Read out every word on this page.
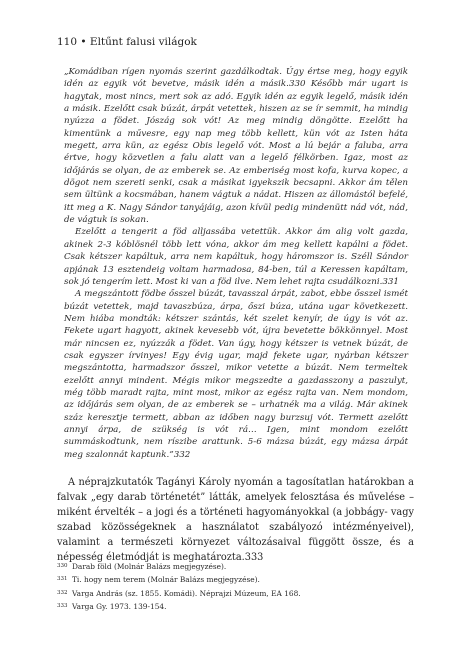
110 • Eltűnt falusi világok

„Komádiban rígen nyomás szerint gazdálkodtak. Úgy értse meg, hogy egyik idén az egyik vót bevetve, másik idén a másik.330 Később már ugart is hagytak, most nincs, mert sok az adó. Egyik idén az egyik legelő, másik idén a másik. Ezelőtt csak búzát, árpát vetettek, hiszen az se ír semmit, ha mindig nyúzza a födet. Jószág sok vót! Az meg mindig döngötte. Ezelőtt ha kimentünk a művesre, egy nap meg több kellett, kün vót az Isten háta megett, arra kün, az egész Obis legelő vót. Most a lú bejár a faluba, arra értve, hogy közvetlen a falu alatt van a legelő félkörben. Igaz, most az időjárás se olyan, de az emberek se. Az emberiség most kofa, kurva kopec, a dögot nem szereti senki, csak a másikat igyekszik becsapni. Akkor ám tělen sem ültünk a kocsmában, hanem vágtuk a nádat. Hiszen az állomástól befelé, itt meg a K. Nagy Sándor tanyájáig, azon kívül pedig mindenütt nád vót, nád, de vágtuk is sokan.

Ezelőtt a tengerit a föd alljassába vetettük. Akkor ám alig volt gazda, akinek 2-3 kóblösnél több lett vóna, akkor ám meg kellett kapálni a födet. Csak kétszer kapáltuk, arra nem kapáltuk, hogy háromszor is. Széll Sándor apjának 13 esztendeig voltam harmadosa, 84-ben, túl a Keressen kapáltam, sok jó tengerím lett. Most ki van a föd ilve. Nem lehet rajta csudálkozni.331

A megszántott födbe ősszel búzát, tavasszal árpát, zabot, ebbe ősszel ismét búzát vetettek, majd tavaszbúza, árpa, őszi búza, utána ugar következett. Nem hiába mondták: kétszer szántás, két szelet kenyír, de úgy is vót az. Fekete ugart hagyott, akinek kevesebb vót, újra bevetette bökkönnyel. Most már nincsen ez, nyúzzák a födet. Van úgy, hogy kétszer is vetnek búzát, de csak egyszer írvinyes! Egy évig ugar, majd fekete ugar, nyárban kétszer megszántotta, harmadszor ősszel, mikor vetette a búzát. Nem termeltek ezelőtt annyi mindent. Mégis mikor megszedte a gazdasszony a paszulyt, még több maradt rajta, mint most, mikor az egész rajta van. Nem mondom, az időjárás sem olyan, de az emberek se – urhatnék ma a világ. Már akinek száz keresztje termett, abban az időben nagy burzsuj vót. Termett azelőtt annyi árpa, de szükség is vót rá… Igen, mint mondom ezelőtt summáskodtunk, nem ríszibe arattunk. 5-6 mázsa búzát, egy mázsa árpát meg szalonnát kaptunk.”332

A néprajzkutatók Tagányi Károly nyomán a tagosítatlan határokban a falvak „egy darab történetét” látták, amelyek felosztása és művelése – miként érvelték – a jogi és a történeti hagyományokkal (a jobbágy- vagy szabad közösségeknek a használatot szabályozó intézményeivel), valamint a természeti környezet változásaival függött össze, és a népesség életmódját is meghatározta.333

330 Darab föld (Molnár Balázs megjegyzése).
331 Ti. hogy nem terem (Molnár Balázs megjegyzése).
332 Varga András (sz. 1855. Komádi). Néprajzi Múzeum, EA 168.
333 Varga Gy. 1973. 139-154.
